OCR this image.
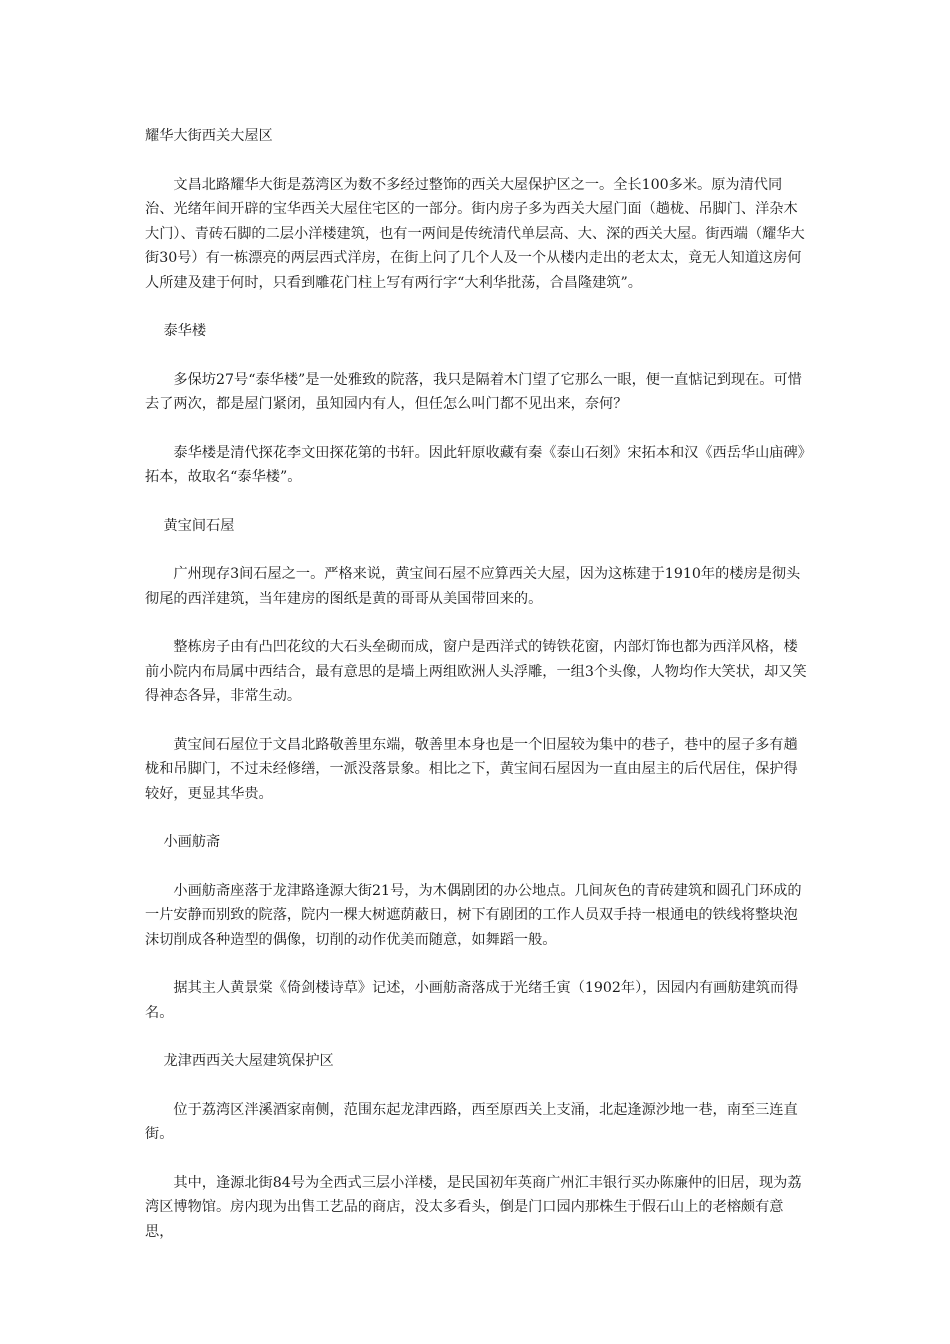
耀华大街西关大屋区

文昌北路耀华大街是荔湾区为数不多经过整饰的西关大屋保护区之一。全长100多米。原为清代同治、光绪年间开辟的宝华西关大屋住宅区的一部分。街内房子多为西关大屋门面（趟栊、吊脚门、洋杂木大门）、青砖石脚的二层小洋楼建筑，也有一两间是传统清代单层高、大、深的西关大屋。街西端（耀华大街30号）有一栋漂亮的两层西式洋房，在街上问了几个人及一个从楼内走出的老太太，竟无人知道这房何人所建及建于何时，只看到雕花门柱上写有两行字“大利华批荡，合昌隆建筑”。

泰华楼

多保坊27号“泰华楼”是一处雅致的院落，我只是隔着木门望了它那么一眼，便一直惦记到现在。可惜去了两次，都是屋门紧闭，虽知园内有人，但任怎么叫门都不见出来，奈何？

泰华楼是清代探花李文田探花第的书轩。因此轩原收藏有秦《泰山石刻》宋拓本和汉《西岳华山庙碑》拓本，故取名“泰华楼”。

黄宝间石屋

广州现存3间石屋之一。严格来说，黄宝间石屋不应算西关大屋，因为这栋建于1910年的楼房是彻头彻尾的西洋建筑，当年建房的图纸是黄的哥哥从美国带回来的。

整栋房子由有凸凹花纹的大石头垒砌而成，窗户是西洋式的铸铁花窗，内部灯饰也都为西洋风格，楼前小院内布局属中西结合，最有意思的是墙上两组欧洲人头浮雕，一组3个头像，人物均作大笑状，却又笑得神态各异，非常生动。

黄宝间石屋位于文昌北路敬善里东端，敬善里本身也是一个旧屋较为集中的巷子，巷中的屋子多有趟栊和吊脚门，不过未经修缮，一派没落景象。相比之下，黄宝间石屋因为一直由屋主的后代居住，保护得较好，更显其华贵。

小画舫斋

小画舫斋座落于龙津路逢源大街21号，为木偶剧团的办公地点。几间灰色的青砖建筑和圆孔门环成的一片安静而别致的院落，院内一棵大树遮荫蔽日，树下有剧团的工作人员双手持一根通电的铁线将整块泡沫切削成各种造型的偶像，切削的动作优美而随意，如舞蹈一般。

据其主人黄景棠《倚剑楼诗草》记述，小画舫斋落成于光绪壬寅（1902年），因园内有画舫建筑而得名。

龙津西西关大屋建筑保护区

位于荔湾区泮溪酒家南侧，范围东起龙津西路，西至原西关上支涌，北起逢源沙地一巷，南至三连直街。

其中，逢源北街84号为全西式三层小洋楼，是民国初年英商广州汇丰银行买办陈廉仲的旧居，现为荔湾区博物馆。房内现为出售工艺品的商店，没太多看头，倒是门口园内那株生于假石山上的老榕颇有意思，
